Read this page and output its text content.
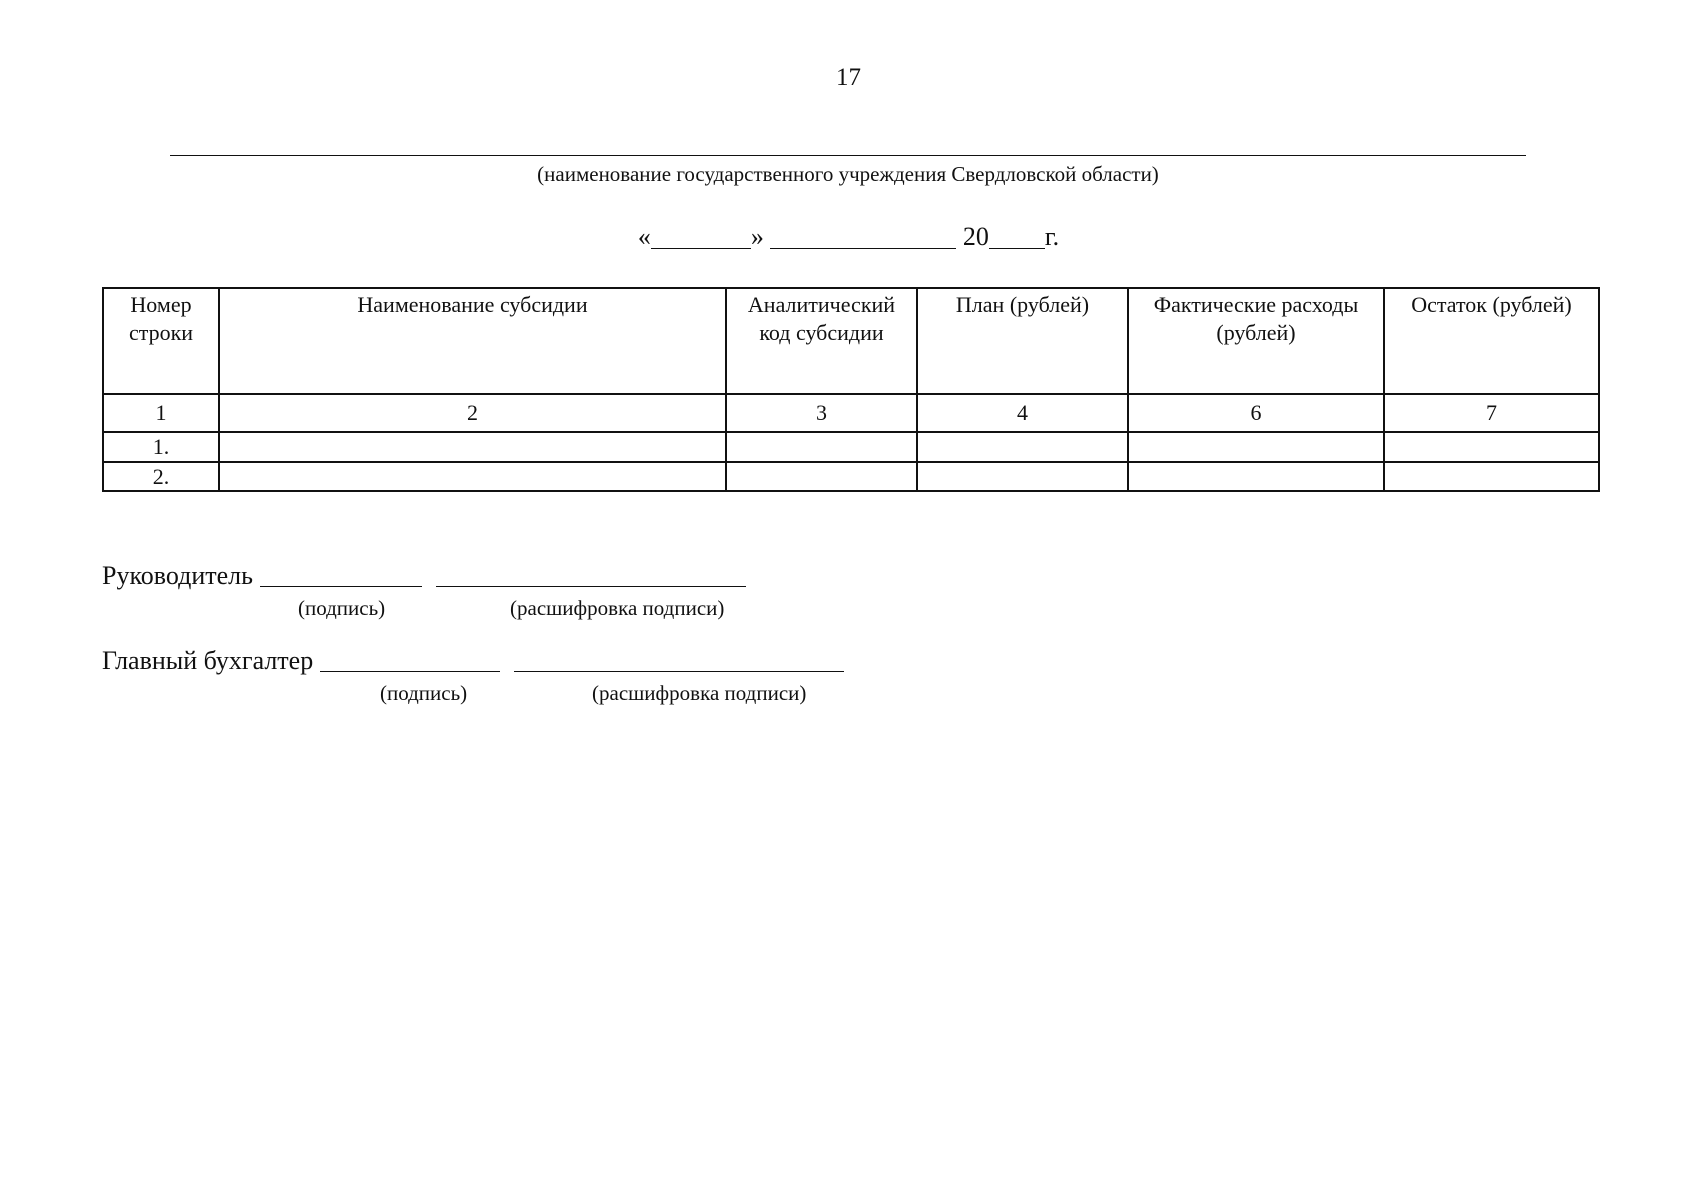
17
(наименование государственного учреждения Свердловской области)
«	»	20 г.
Номер строки	Наименование субсидии	Аналитический код субсидии	План (рублей)	Фактические расходы (рублей)	Остаток (рублей)
1	2	3	4	6	7
1.					
2.					
Руководитель
(подпись)	(расшифровка подписи)
Главный бухгалтер
(подпись)	(расшифровка подписи)
